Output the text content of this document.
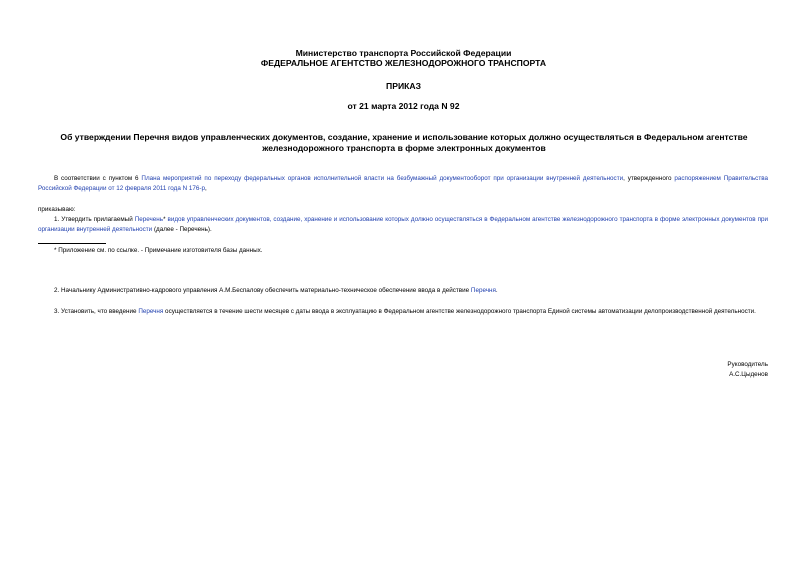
Министерство транспорта Российской Федерации
ФЕДЕРАЛЬНОЕ АГЕНТСТВО ЖЕЛЕЗНОДОРОЖНОГО ТРАНСПОРТА
ПРИКАЗ
от 21 марта 2012 года N 92
Об утверждении Перечня видов управленческих документов, создание, хранение и использование которых должно осуществляться в Федеральном агентстве железнодорожного транспорта в форме электронных документов
В соответствии с пунктом 6 Плана мероприятий по переходу федеральных органов исполнительной власти на безбумажный документооборот при организации внутренней деятельности, утвержденного распоряжением Правительства Российской Федерации от 12 февраля 2011 года N 176-р,
приказываю:
1. Утвердить прилагаемый Перечень* видов управленческих документов, создание, хранение и использование которых должно осуществляться в Федеральном агентстве железнодорожного транспорта в форме электронных документов при организации внутренней деятельности (далее - Перечень).
* Приложение см. по ссылке. - Примечание изготовителя базы данных.
2. Начальнику Административно-кадрового управления А.М.Беспалову обеспечить материально-техническое обеспечение ввода в действие Перечня.
3. Установить, что введение Перечня осуществляется в течение шести месяцев с даты ввода в эксплуатацию в Федеральном агентстве железнодорожного транспорта Единой системы автоматизации делопроизводственной деятельности.
Руководитель
А.С.Цыденов
